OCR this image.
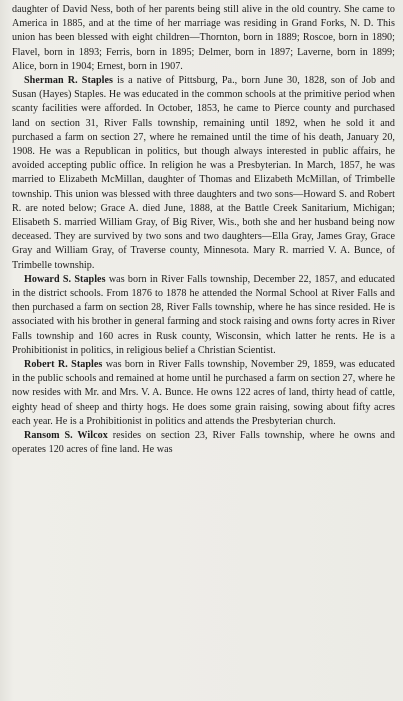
daughter of David Ness, both of her parents being still alive in the old country. She came to America in 1885, and at the time of her marriage was residing in Grand Forks, N. D. This union has been blessed with eight children—Thornton, born in 1889; Roscoe, born in 1890; Flavel, born in 1893; Ferris, born in 1895; Delmer, born in 1897; Laverne, born in 1899; Alice, born in 1904; Ernest, born in 1907.

Sherman R. Staples is a native of Pittsburg, Pa., born June 30, 1828, son of Job and Susan (Hayes) Staples. He was educated in the common schools at the primitive period when scanty facilities were afforded. In October, 1853, he came to Pierce county and purchased land on section 31, River Falls township, remaining until 1892, when he sold it and purchased a farm on section 27, where he remained until the time of his death, January 20, 1908. He was a Republican in politics, but though always interested in public affairs, he avoided accepting public office. In religion he was a Presbyterian. In March, 1857, he was married to Elizabeth McMillan, daughter of Thomas and Elizabeth McMillan, of Trimbelle township. This union was blessed with three daughters and two sons—Howard S. and Robert R. are noted below; Grace A. died June, 1888, at the Battle Creek Sanitarium, Michigan; Elisabeth S. married William Gray, of Big River, Wis., both she and her husband being now deceased. They are survived by two sons and two daughters—Ella Gray, James Gray, Grace Gray and William Gray, of Traverse county, Minnesota. Mary R. married V. A. Bunce, of Trimbelle township.

Howard S. Staples was born in River Falls township, December 22, 1857, and educated in the district schools. From 1876 to 1878 he attended the Normal School at River Falls and then purchased a farm on section 28, River Falls township, where he has since resided. He is associated with his brother in general farming and stock raising and owns forty acres in River Falls township and 160 acres in Rusk county, Wisconsin, which latter he rents. He is a Prohibitionist in politics, in religious belief a Christian Scientist.

Robert R. Staples was born in River Falls township, November 29, 1859, was educated in the public schools and remained at home until he purchased a farm on section 27, where he now resides with Mr. and Mrs. V. A. Bunce. He owns 122 acres of land, thirty head of cattle, eighty head of sheep and thirty hogs. He does some grain raising, sowing about fifty acres each year. He is a Prohibitionist in politics and attends the Presbyterian church.

Ransom S. Wilcox resides on section 23, River Falls township, where he owns and operates 120 acres of fine land. He was
